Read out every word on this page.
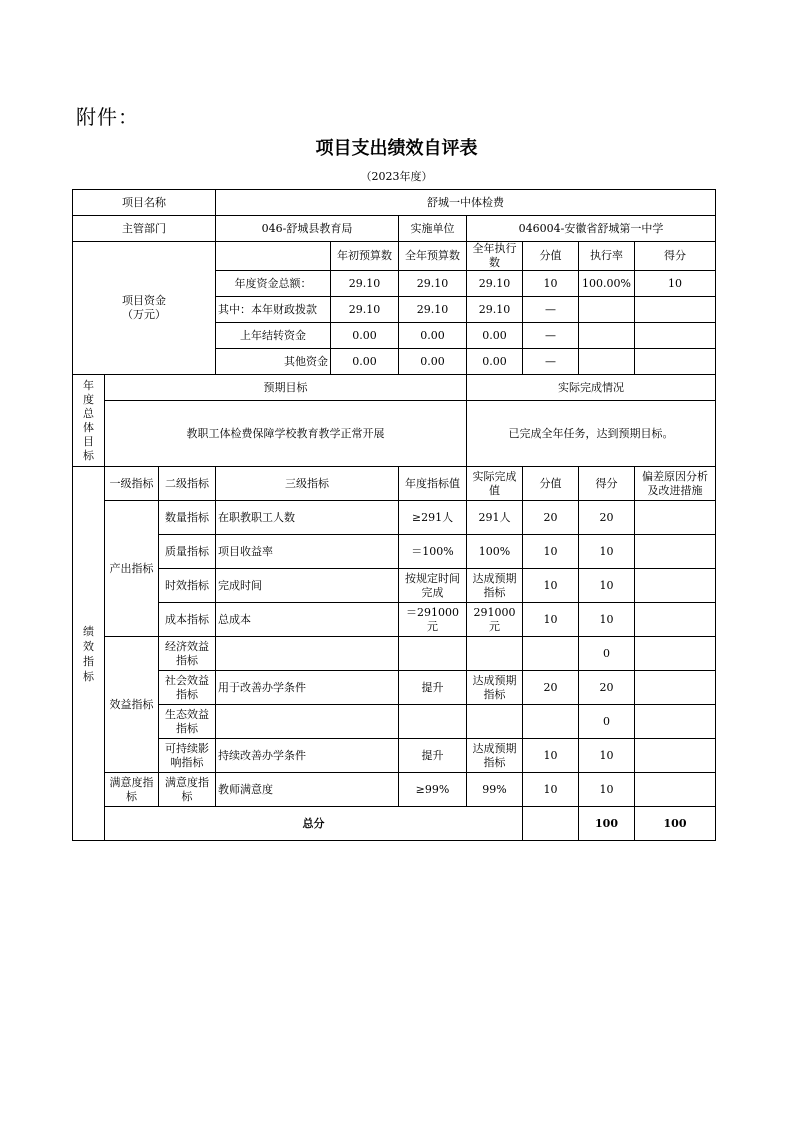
附件：
项目支出绩效自评表
（2023年度）
项目名称			舒城一中体检费							
主管部门			046-舒城县教育局		实施单位	046004-安徽省舒城第一中学				

项目资金
（万元）				年初预算数	全年预算数	全年执行数	分值	执行率	得分	
			年度资金总额：	29.10	29.10	29.10	10	100.00%	10	
			其中：本年财政拨款	29.10	29.10	29.10	—			
			上年结转资金	0.00	0.00	0.00	—			
			其他资金	0.00	0.00	0.00	—			

年度总体目标	预期目标					实际完成情况				
	教职工体检费保障学校教育教学正常开展					已完成全年任务，达到预期目标。				

绩效指标	一级指标	二级指标	三级指标		年度指标值	实际完成值	分值	得分	偏差原因分析及改进措施	
	产出指标	数量指标	在职教职工人数		≥291人	291人	20	20		
		质量指标	项目收益率		＝100%	100%	10	10		
		时效指标	完成时间		按规定时间完成	达成预期指标	10	10		
		成本指标	总成本		＝291000元	291000元	10	10		
	效益指标	经济效益指标						0		
		社会效益指标	用于改善办学条件		提升	达成预期指标	20	20		
		生态效益指标						0		
		可持续影响指标	持续改善办学条件		提升	达成预期指标	10	10		
	满意度指标	满意度指标	教师满意度		≥99%	99%	10	10		
	总分							100	100	
